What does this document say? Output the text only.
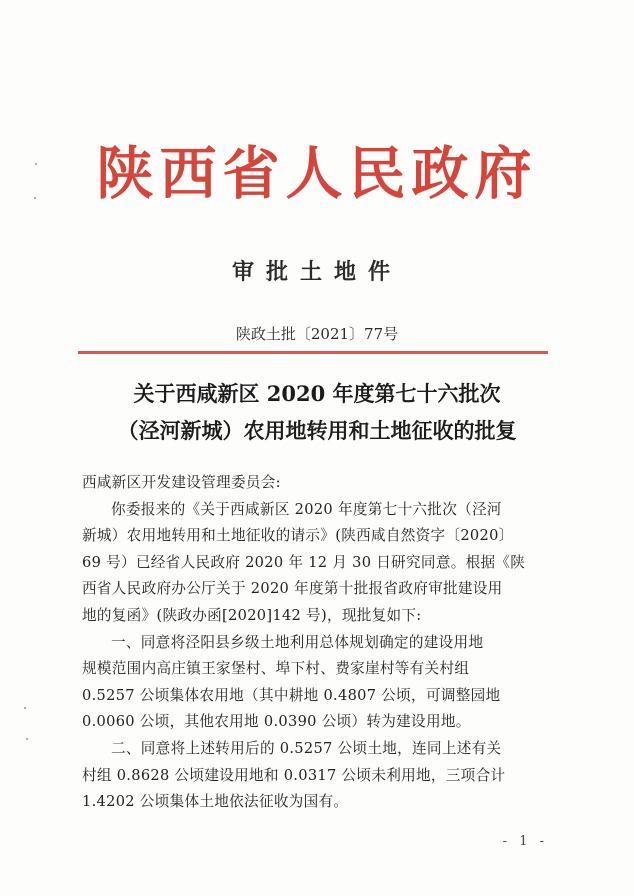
陕西省人民政府
审批土地件
陕政土批〔2021〕77号
关于西咸新区 2020 年度第七十六批次
（泾河新城）农用地转用和土地征收的批复
西咸新区开发建设管理委员会:
你委报来的《关于西咸新区 2020 年度第七十六批次（泾河
新城）农用地转用和土地征收的请示》(陕西咸自然资字〔2020〕
69 号）已经省人民政府 2020 年 12 月 30 日研究同意。根据《陕
西省人民政府办公厅关于 2020 年度第十批报省政府审批建设用
地的复函》(陕政办函[2020]142 号)，现批复如下:
一、同意将泾阳县乡级土地利用总体规划确定的建设用地
规模范围内高庄镇王家堡村、埠下村、费家崖村等有关村组
0.5257 公顷集体农用地（其中耕地 0.4807 公顷，可调整园地
0.0060 公顷，其他农用地 0.0390 公顷）转为建设用地。
二、同意将上述转用后的 0.5257 公顷土地，连同上述有关
村组 0.8628 公顷建设用地和 0.0317 公顷未利用地，三项合计
1.4202 公顷集体土地依法征收为国有。
- 1 -
